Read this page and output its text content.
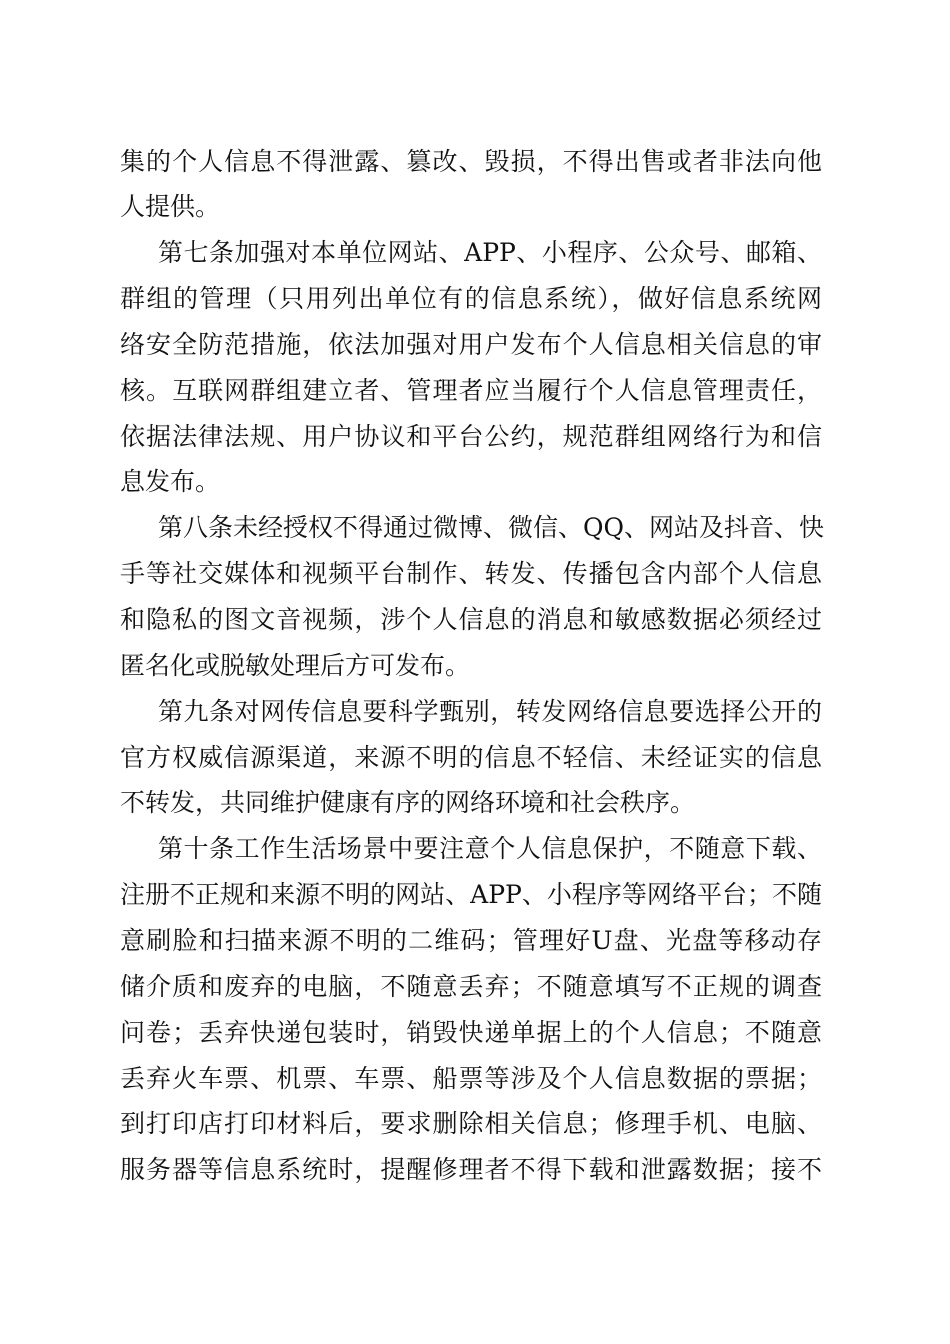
集的个人信息不得泄露、篡改、毁损，不得出售或者非法向他
人提供。
第七条加强对本单位网站、APP、小程序、公众号、邮箱、
群组的管理（只用列出单位有的信息系统），做好信息系统网
络安全防范措施，依法加强对用户发布个人信息相关信息的审
核。互联网群组建立者、管理者应当履行个人信息管理责任，
依据法律法规、用户协议和平台公约，规范群组网络行为和信
息发布。
第八条未经授权不得通过微博、微信、QQ、网站及抖音、快
手等社交媒体和视频平台制作、转发、传播包含内部个人信息
和隐私的图文音视频，涉个人信息的消息和敏感数据必须经过
匿名化或脱敏处理后方可发布。
第九条对网传信息要科学甄别，转发网络信息要选择公开的
官方权威信源渠道，来源不明的信息不轻信、未经证实的信息
不转发，共同维护健康有序的网络环境和社会秩序。
第十条工作生活场景中要注意个人信息保护，不随意下载、
注册不正规和来源不明的网站、APP、小程序等网络平台；不随
意刷脸和扫描来源不明的二维码；管理好U盘、光盘等移动存
储介质和废弃的电脑，不随意丢弃；不随意填写不正规的调查
问卷；丢弃快递包装时，销毁快递单据上的个人信息；不随意
丢弃火车票、机票、车票、船票等涉及个人信息数据的票据；
到打印店打印材料后，要求删除相关信息；修理手机、电脑、
服务器等信息系统时，提醒修理者不得下载和泄露数据；接不
